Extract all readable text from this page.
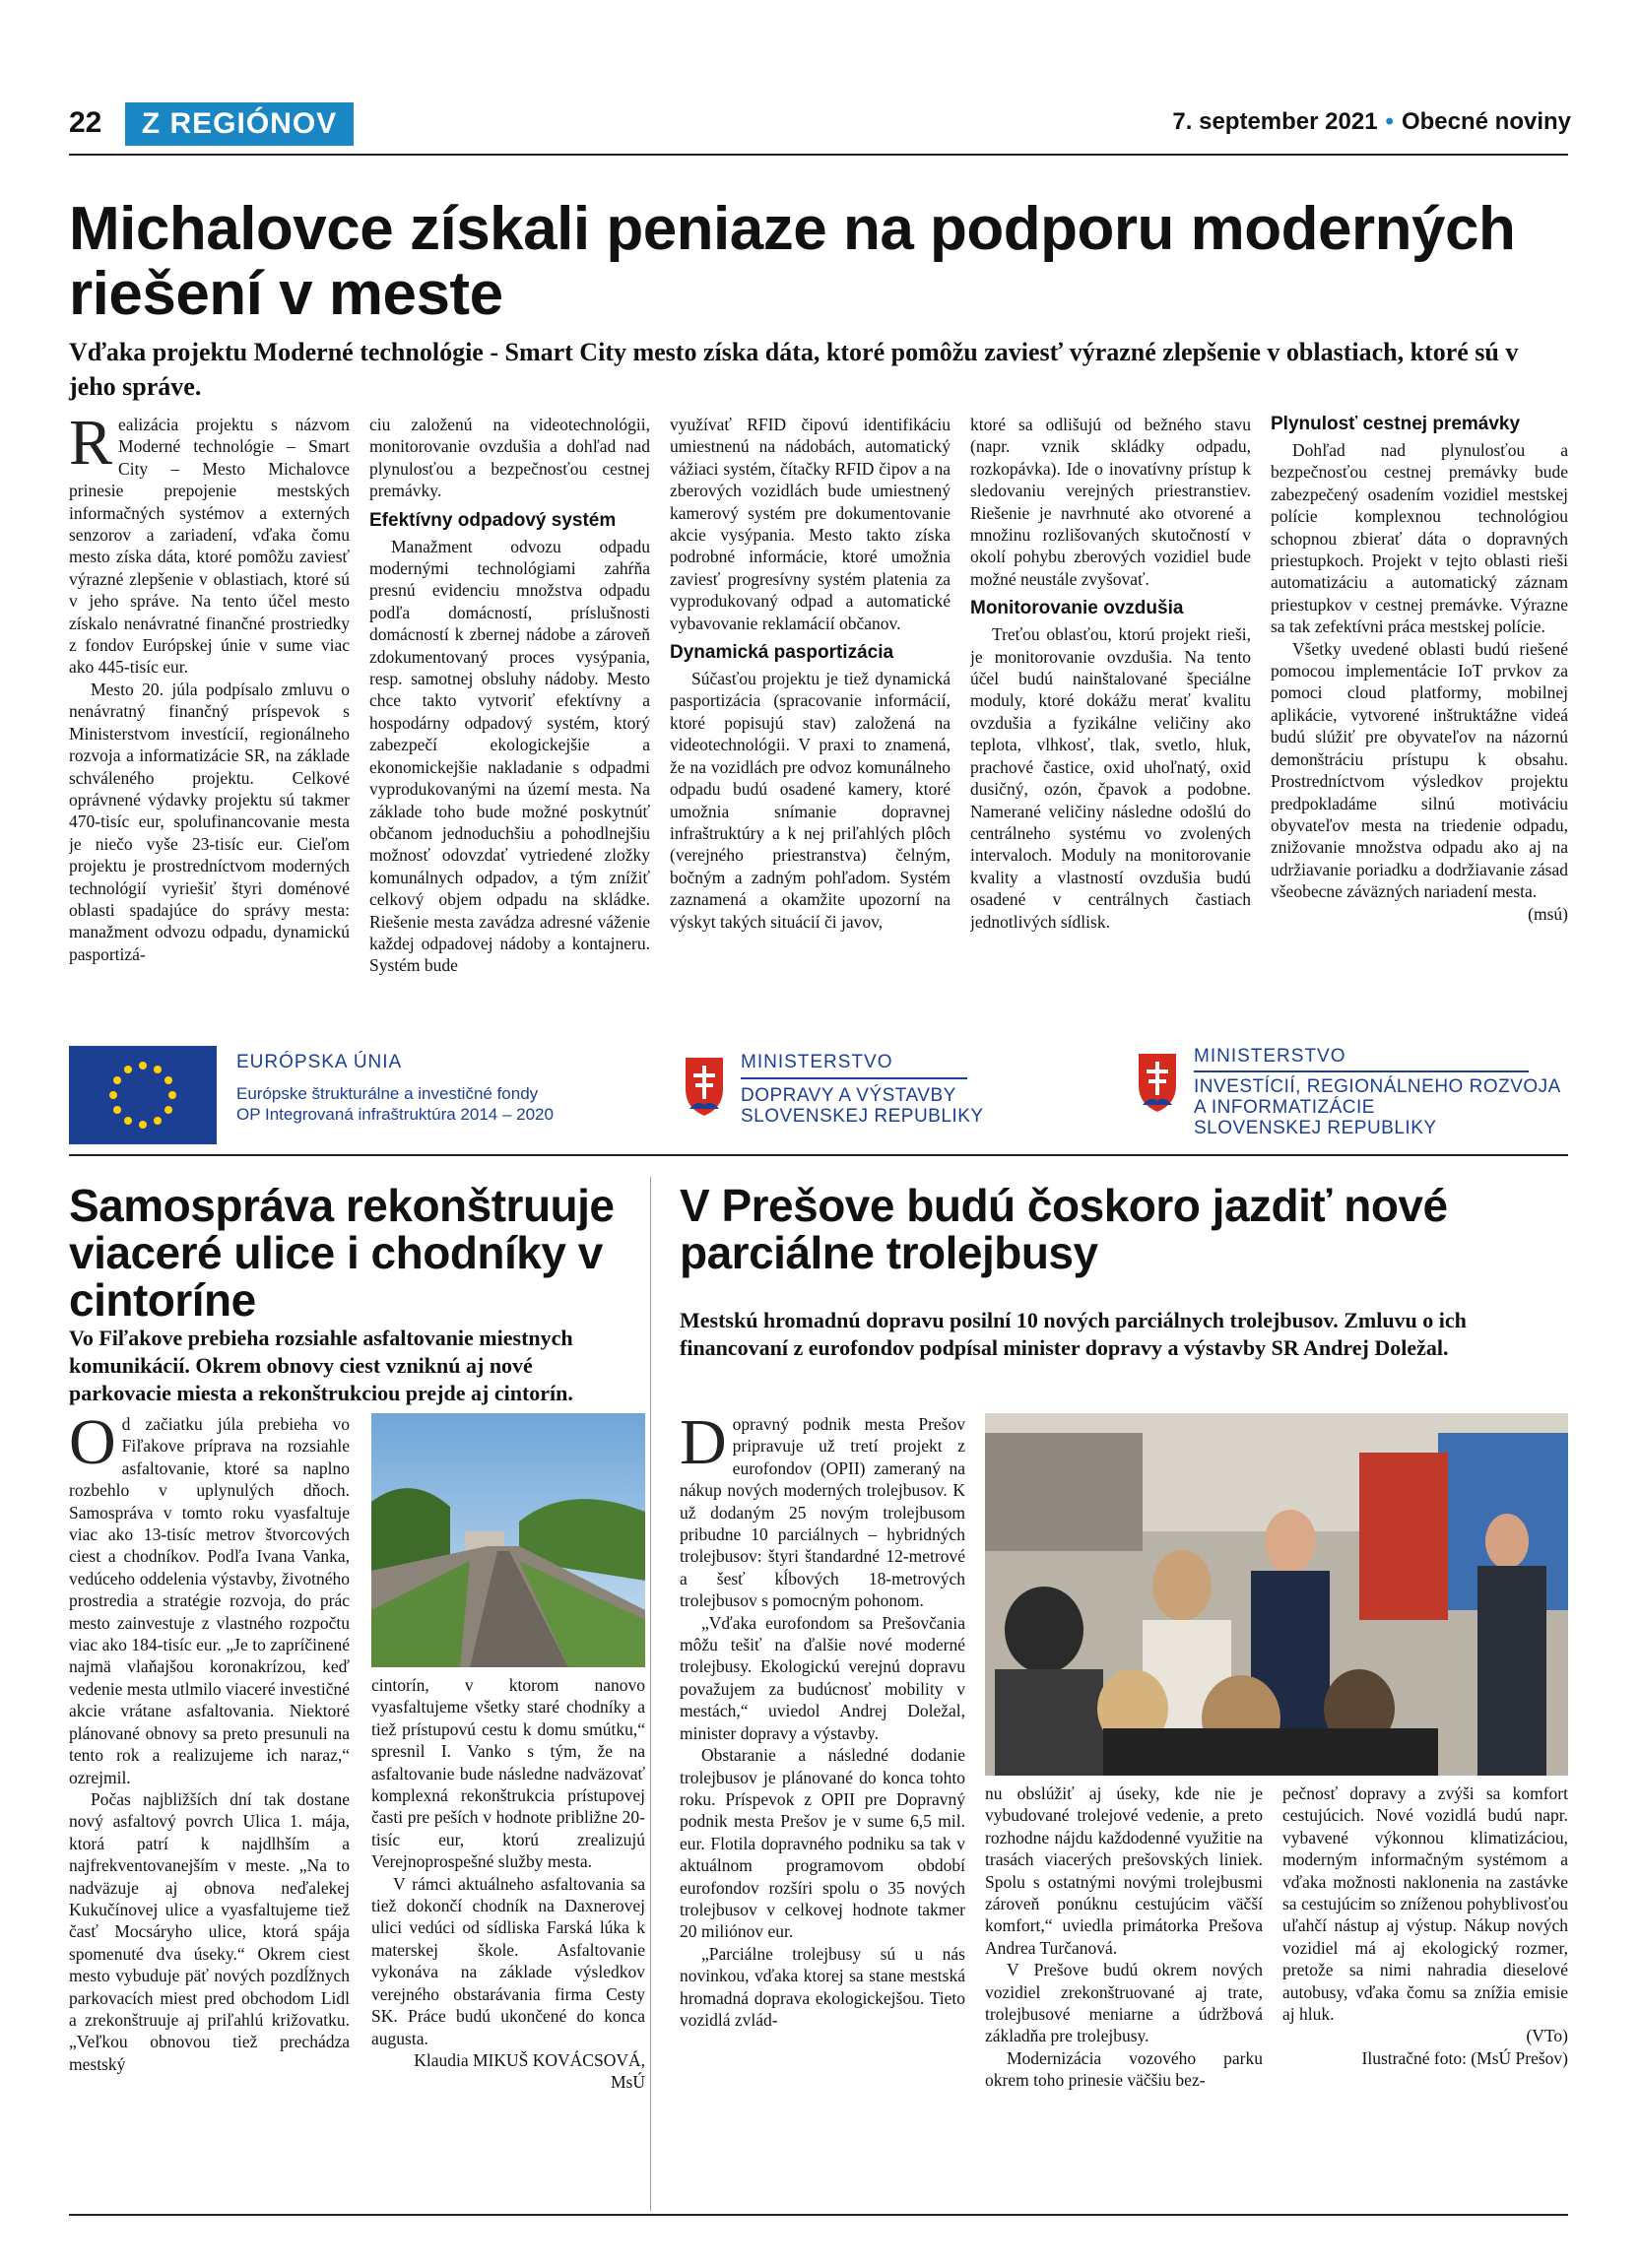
22	Z REGIÓNOV	7. september 2021 • Obecné noviny
Michalovce získali peniaze na podporu moderných riešení v meste
Vďaka projektu Moderné technológie - Smart City mesto získa dáta, ktoré pomôžu zaviesť výrazné zlepšenie v oblastiach, ktoré sú v jeho správe.

Realizácia projektu s názvom Moderné technológie – Smart City – Mesto Michalovce prinesie prepojenie mestských informačných systémov a externých senzorov a zariadení, vďaka čomu mesto získa dáta, ktoré pomôžu zaviesť výrazné zlepšenie v oblastiach, ktoré sú v jeho správe. Na tento účel mesto získalo nenávratné finančné prostriedky z fondov Európskej únie v sume viac ako 445-tisíc eur.

Mesto 20. júla podpísalo zmluvu o nenávratný finančný príspevok s Ministerstvom investícií, regionálneho rozvoja a informatizácie SR, na základe schváleného projektu. Celkové oprávnené výdavky projektu sú takmer 470-tisíc eur, spolufinancovanie mesta je niečo vyše 23-tisíc eur. Cieľom projektu je prostredníctvom moderných technológií vyriešiť štyri doménové oblasti spadajúce do správy mesta: manažment odvozu odpadu, dynamickú pasportizá-

ciu založenú na videotechnológii, monitorovanie ovzdušia a dohľad nad plynulosťou a bezpečnosťou cestnej premávky.

Efektívny odpadový systém

Manažment odvozu odpadu modernými technológiami zahŕňa presnú evidenciu množstva odpadu podľa domácností, príslušnosti domácností k zbernej nádobe a zároveň zdokumentovaný proces vysýpania, resp. samotnej obsluhy nádoby. Mesto chce takto vytvoriť efektívny a hospodárny odpadový systém, ktorý zabezpečí ekologickejšie a ekonomickejšie nakladanie s odpadmi vyprodukovanými na území mesta. Na základe toho bude možné poskytnúť občanom jednoduchšiu a pohodlnejšiu možnosť odovzdať vytriedené zložky komunálnych odpadov, a tým znížiť celkový objem odpadu na skládke. Riešenie mesta zavádza adresné váženie každej odpadovej nádoby a kontajneru. Systém bude

využívať RFID čipovú identifikáciu umiestnenú na nádobách, automatický vážiaci systém, čítačky RFID čipov a na zberových vozidlách bude umiestnený kamerový systém pre dokumentovanie akcie vysýpania. Mesto takto získa podrobné informácie, ktoré umožnia zaviesť progresívny systém platenia za vyprodukovaný odpad a automatické vybavovanie reklamácií občanov.

Dynamická pasportizácia

Súčasťou projektu je tiež dynamická pasportizácia (spracovanie informácií, ktoré popisujú stav) založená na videotechnológii. V praxi to znamená, že na vozidlách pre odvoz komunálneho odpadu budú osadené kamery, ktoré umožnia snímanie dopravnej infraštruktúry a k nej priľahlých plôch (verejného priestranstva) čelným, bočným a zadným pohľadom. Systém zaznamená a okamžite upozorní na výskyt takých situácií či javov,

ktoré sa odlišujú od bežného stavu (napr. vznik skládky odpadu, rozkopávka). Ide o inovatívny prístup k sledovaniu verejných priestranstiev. Riešenie je navrhnuté ako otvorené a množinu rozlišovaných skutočností v okolí pohybu zberových vozidiel bude možné neustále zvyšovať.

Monitorovanie ovzdušia

Treťou oblasťou, ktorú projekt rieši, je monitorovanie ovzdušia. Na tento účel budú nainštalované špeciálne moduly, ktoré dokážu merať kvalitu ovzdušia a fyzikálne veličiny ako teplota, vlhkosť, tlak, svetlo, hluk, prachové častice, oxid uhoľnatý, oxid dusičný, ozón, čpavok a podobne. Namerané veličiny následne odošlú do centrálneho systému vo zvolených intervaloch. Moduly na monitorovanie kvality a vlastností ovzdušia budú osadené v centrálnych častiach jednotlivých sídlisk.

Plynulosť cestnej premávky

Dohľad nad plynulosťou a bezpečnosťou cestnej premávky bude zabezpečený osadením vozidiel mestskej polície komplexnou technológiou schopnou zbierať dáta o dopravných priestupkoch. Projekt v tejto oblasti rieši automatizáciu a automatický záznam priestupkov v cestnej premávke. Výrazne sa tak zefektívni práca mestskej polície.

Všetky uvedené oblasti budú riešené pomocou implementácie IoT prvkov za pomoci cloud platformy, mobilnej aplikácie, vytvorené inštruktážne videá budú slúžiť pre obyvateľov na názornú demonštráciu prístupu k obsahu. Prostredníctvom výsledkov projektu predpokladáme silnú motiváciu obyvateľov mesta na triedenie odpadu, znižovanie množstva odpadu ako aj na udržiavanie poriadku a dodržiavanie zásad všeobecne záväzných nariadení mesta.

(msú)
EURÓPSKA ÚNIA
Európske štrukturálne a investičné fondy
OP Integrovaná infraštruktúra 2014 – 2020
MINISTERSTVO
DOPRAVY A VÝSTAVBY
SLOVENSKEJ REPUBLIKY
MINISTERSTVO
INVESTÍCIÍ, REGIONÁLNEHO ROZVOJA
A INFORMATIZÁCIE
SLOVENSKEJ REPUBLIKY
Samospráva rekonštruuje viaceré ulice i chodníky v cintoríne
Vo Fiľakove prebieha rozsiahle asfaltovanie miestnych komunikácií. Okrem obnovy ciest vzniknú aj nové parkovacie miesta a rekonštrukciou prejde aj cintorín.

Od začiatku júla prebieha vo Fiľakove príprava na rozsiahle asfaltovanie, ktoré sa naplno rozbehlo v uplynulých dňoch. Samospráva v tomto roku vyasfaltuje viac ako 13-tisíc metrov štvorcových ciest a chodníkov. Podľa Ivana Vanka, vedúceho oddelenia výstavby, životného prostredia a stratégie rozvoja, do prác mesto zainvestuje z vlastného rozpočtu viac ako 184-tisíc eur. „Je to zapríčinené najmä vlaňajšou koronakrízou, keď vedenie mesta utlmilo viaceré investičné akcie vrátane asfaltovania. Niektoré plánované obnovy sa preto presunuli na tento rok a realizujeme ich naraz,“ ozrejmil.

Počas najbližších dní tak dostane nový asfaltový povrch Ulica 1. mája, ktorá patrí k najdlhším a najfrekventovanejším v meste. „Na to nadväzuje aj obnova neďalekej Kukučínovej ulice a vyasfaltujeme tiež časť Mocsáryho ulice, ktorá spája spomenuté dva úseky.“ Okrem ciest mesto vybuduje päť nových pozdĺžnych parkovacích miest pred obchodom Lidl a zrekonštruuje aj priľahlú križovatku. „Veľkou obnovou tiež prechádza mestský

cintorín, v ktorom nanovo vyasfaltujeme všetky staré chodníky a tiež prístupovú cestu k domu smútku,“ spresnil I. Vanko s tým, že na asfaltovanie bude následne nadväzovať komplexná rekonštrukcia prístupovej časti pre peších v hodnote približne 20-tisíc eur, ktorú zrealizujú Verejnoprospešné služby mesta.

V rámci aktuálneho asfaltovania sa tiež dokončí chodník na Daxnerovej ulici vedúci od sídliska Farská lúka k materskej škole. Asfaltovanie vykonáva na základe výsledkov verejného obstarávania firma Cesty SK. Práce budú ukončené do konca augusta.

Klaudia MIKUŠ KOVÁCSOVÁ,
MsÚ
V Prešove budú čoskoro jazdiť nové parciálne trolejbusy
Mestskú hromadnú dopravu posilní 10 nových parciálnych trolejbusov. Zmluvu o ich financovaní z eurofondov podpísal minister dopravy a výstavby SR Andrej Doležal.

Dopravný podnik mesta Prešov pripravuje už tretí projekt z eurofondov (OPII) zameraný na nákup nových moderných trolejbusov. K už dodaným 25 novým trolejbusom pribudne 10 parciálnych – hybridných trolejbusov: štyri štandardné 12-metrové a šesť kĺbových 18-metrových trolejbusov s pomocným pohonom.

„Vďaka eurofondom sa Prešovčania môžu tešiť na ďalšie nové moderné trolejbusy. Ekologickú verejnú dopravu považujem za budúcnosť mobility v mestách,“ uviedol Andrej Doležal, minister dopravy a výstavby.

Obstaranie a následné dodanie trolejbusov je plánované do konca tohto roku. Príspevok z OPII pre Dopravný podnik mesta Prešov je v sume 6,5 mil. eur. Flotila dopravného podniku sa tak v aktuálnom programovom období eurofondov rozšíri spolu o 35 nových trolejbusov v celkovej hodnote takmer 20 miliónov eur.

„Parciálne trolejbusy sú u nás novinkou, vďaka ktorej sa stane mestská hromadná doprava ekologickejšou. Tieto vozidlá zvlád-

nu obslúžiť aj úseky, kde nie je vybudované trolejové vedenie, a preto rozhodne nájdu každodenné využitie na trasách viacerých prešovských liniek. Spolu s ostatnými novými trolejbusmi zároveň ponúknu cestujúcim väčší komfort,“ uviedla primátorka Prešova Andrea Turčanová.

V Prešove budú okrem nových vozidiel zrekonštruované aj trate, trolejbusové meniarne a údržbová základňa pre trolejbusy.

Modernizácia vozového parku okrem toho prinesie väčšiu bez-

pečnosť dopravy a zvýši sa komfort cestujúcich. Nové vozidlá budú napr. vybavené výkonnou klimatizáciou, moderným informačným systémom a vďaka možnosti naklonenia na zastávke sa cestujúcim so zníženou pohyblivosťou uľahčí nástup aj výstup. Nákup nových vozidiel má aj ekologický rozmer, pretože sa nimi nahradia dieselové autobusy, vďaka čomu sa znížia emisie aj hluk.

(VTo)
Ilustračné foto: (MsÚ Prešov)
